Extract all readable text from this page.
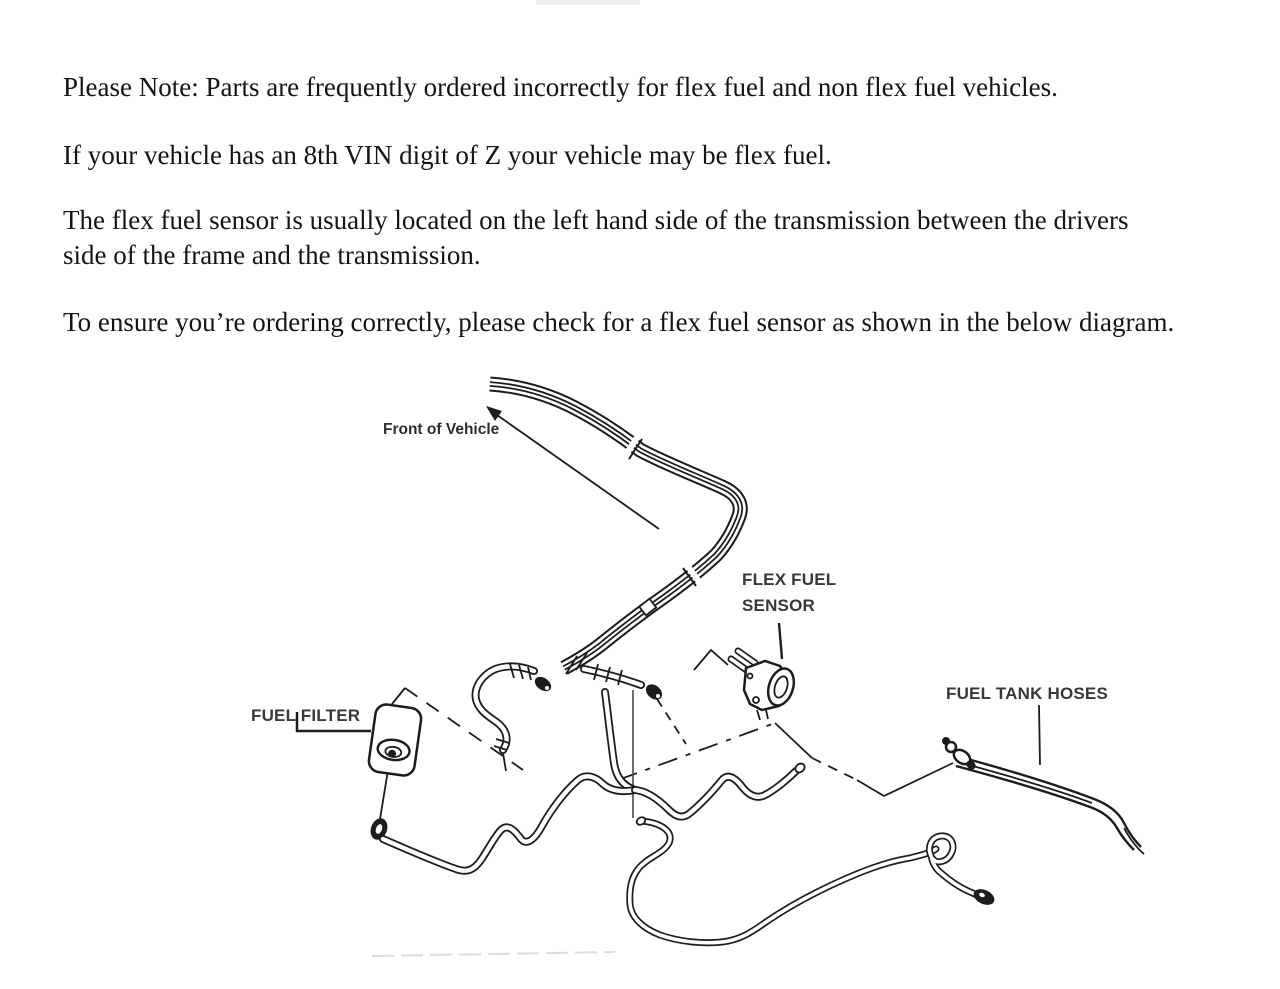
Please Note: Parts are frequently ordered incorrectly for flex fuel and non flex fuel vehicles.

If your vehicle has an 8th VIN digit of Z your vehicle may be flex fuel.

The flex fuel sensor is usually located on the left hand side of the transmission between the drivers

side of the frame and the transmission.

To ensure you’re ordering correctly, please check for a flex fuel sensor as shown in the below diagram.

Front of Vehicle
FLEX FUEL
SENSOR
FUEL TANK HOSES
FUEL FILTER
